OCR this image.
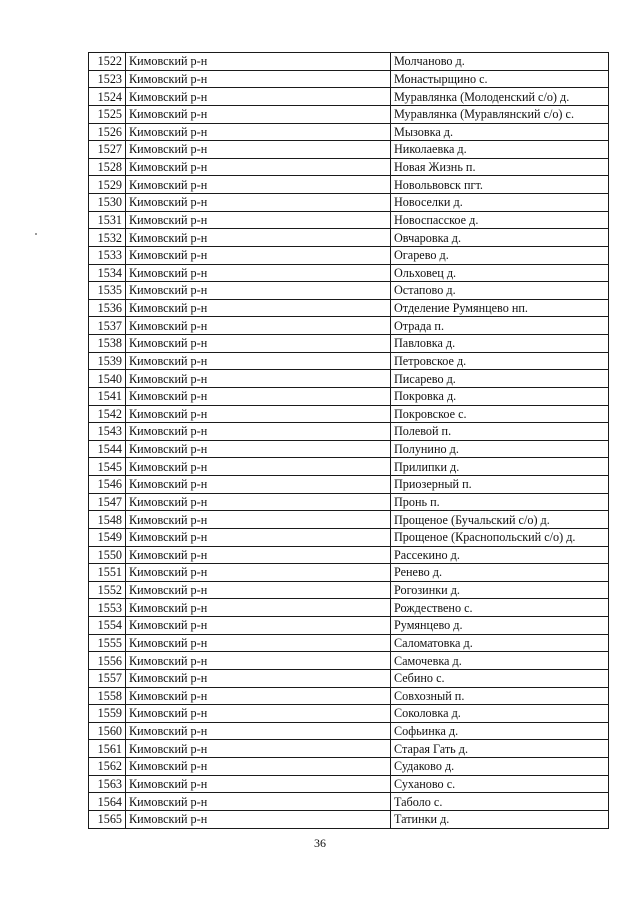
1522	Кимовский р-н	Молчаново д.
1523	Кимовский р-н	Монастырщино с.
1524	Кимовский р-н	Муравлянка (Молоденский с/о) д.
1525	Кимовский р-н	Муравлянка (Муравлянский с/о) с.
1526	Кимовский р-н	Мызовка д.
1527	Кимовский р-н	Николаевка д.
1528	Кимовский р-н	Новая Жизнь п.
1529	Кимовский р-н	Новольвовск пгт.
1530	Кимовский р-н	Новоселки д.
1531	Кимовский р-н	Новоспасское д.
1532	Кимовский р-н	Овчаровка д.
1533	Кимовский р-н	Огарево д.
1534	Кимовский р-н	Ольховец д.
1535	Кимовский р-н	Остапово д.
1536	Кимовский р-н	Отделение Румянцево нп.
1537	Кимовский р-н	Отрада п.
1538	Кимовский р-н	Павловка д.
1539	Кимовский р-н	Петровское д.
1540	Кимовский р-н	Писарево д.
1541	Кимовский р-н	Покровка д.
1542	Кимовский р-н	Покровское с.
1543	Кимовский р-н	Полевой п.
1544	Кимовский р-н	Полунино д.
1545	Кимовский р-н	Прилипки д.
1546	Кимовский р-н	Приозерный п.
1547	Кимовский р-н	Пронь п.
1548	Кимовский р-н	Прощеное (Бучальский с/о) д.
1549	Кимовский р-н	Прощеное (Краснопольский с/о) д.
1550	Кимовский р-н	Рассекино д.
1551	Кимовский р-н	Ренево д.
1552	Кимовский р-н	Рогозинки д.
1553	Кимовский р-н	Рождествено с.
1554	Кимовский р-н	Румянцево д.
1555	Кимовский р-н	Саломатовка д.
1556	Кимовский р-н	Самочевка д.
1557	Кимовский р-н	Себино с.
1558	Кимовский р-н	Совхозный п.
1559	Кимовский р-н	Соколовка д.
1560	Кимовский р-н	Софьинка д.
1561	Кимовский р-н	Старая Гать д.
1562	Кимовский р-н	Судаково д.
1563	Кимовский р-н	Суханово с.
1564	Кимовский р-н	Таболо с.
1565	Кимовский р-н	Татинки д.
36
